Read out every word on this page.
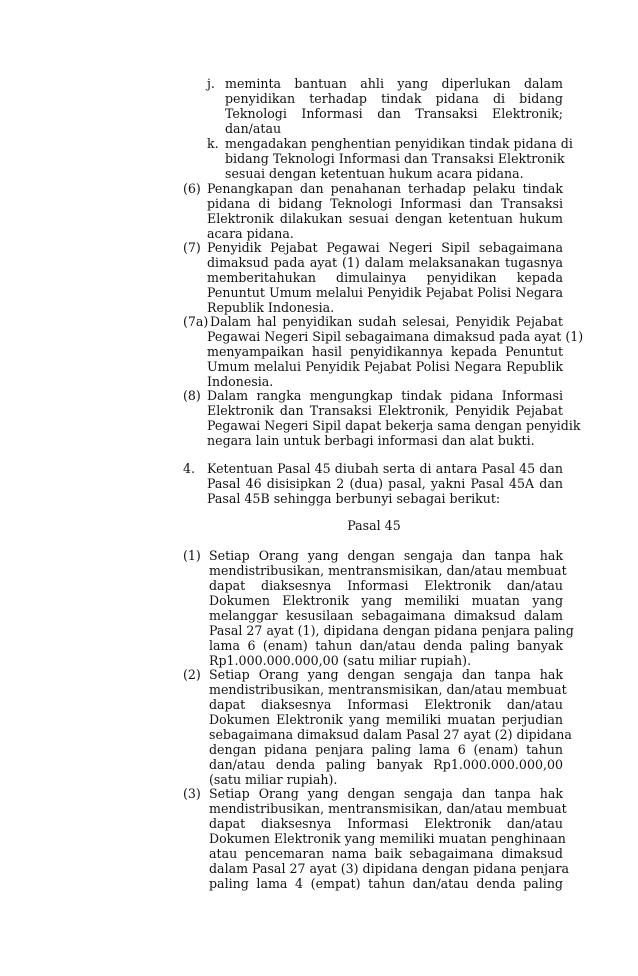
j. meminta bantuan ahli yang diperlukan dalam

penyidikan terhadap tindak pidana di bidang

Teknologi Informasi dan Transaksi Elektronik;

dan/atau

k. mengadakan penghentian penyidikan tindak pidana di

bidang Teknologi Informasi dan Transaksi Elektronik

sesuai dengan ketentuan hukum acara pidana.

(6) Penangkapan dan penahanan terhadap pelaku tindak

pidana di bidang Teknologi Informasi dan Transaksi

Elektronik dilakukan sesuai dengan ketentuan hukum

acara pidana.

(7) Penyidik Pejabat Pegawai Negeri Sipil sebagaimana

dimaksud pada ayat (1) dalam melaksanakan tugasnya

memberitahukan dimulainya penyidikan kepada

Penuntut Umum melalui Penyidik Pejabat Polisi Negara

Republik Indonesia.

(7a) Dalam hal penyidikan sudah selesai, Penyidik Pejabat

Pegawai Negeri Sipil sebagaimana dimaksud pada ayat (1)

menyampaikan hasil penyidikannya kepada Penuntut

Umum melalui Penyidik Pejabat Polisi Negara Republik

Indonesia.

(8) Dalam rangka mengungkap tindak pidana Informasi

Elektronik dan Transaksi Elektronik, Penyidik Pejabat

Pegawai Negeri Sipil dapat bekerja sama dengan penyidik

negara lain untuk berbagi informasi dan alat bukti.

4. Ketentuan Pasal 45 diubah serta di antara Pasal 45 dan

Pasal 46 disisipkan 2 (dua) pasal, yakni Pasal 45A dan

Pasal 45B sehingga berbunyi sebagai berikut:

Pasal 45

(1) Setiap Orang yang dengan sengaja dan tanpa hak

mendistribusikan, mentransmisikan, dan/atau membuat

dapat diaksesnya Informasi Elektronik dan/atau

Dokumen Elektronik yang memiliki muatan yang

melanggar kesusilaan sebagaimana dimaksud dalam

Pasal 27 ayat (1), dipidana dengan pidana penjara paling

lama 6 (enam) tahun dan/atau denda paling banyak

Rp1.000.000.000,00 (satu miliar rupiah).

(2) Setiap Orang yang dengan sengaja dan tanpa hak

mendistribusikan, mentransmisikan, dan/atau membuat

dapat diaksesnya Informasi Elektronik dan/atau

Dokumen Elektronik yang memiliki muatan perjudian

sebagaimana dimaksud dalam Pasal 27 ayat (2) dipidana

dengan pidana penjara paling lama 6 (enam) tahun

dan/atau denda paling banyak Rp1.000.000.000,00

(satu miliar rupiah).

(3) Setiap Orang yang dengan sengaja dan tanpa hak

mendistribusikan, mentransmisikan, dan/atau membuat

dapat diaksesnya Informasi Elektronik dan/atau

Dokumen Elektronik yang memiliki muatan penghinaan

atau pencemaran nama baik sebagaimana dimaksud

dalam Pasal 27 ayat (3) dipidana dengan pidana penjara

paling lama 4 (empat) tahun dan/atau denda paling
